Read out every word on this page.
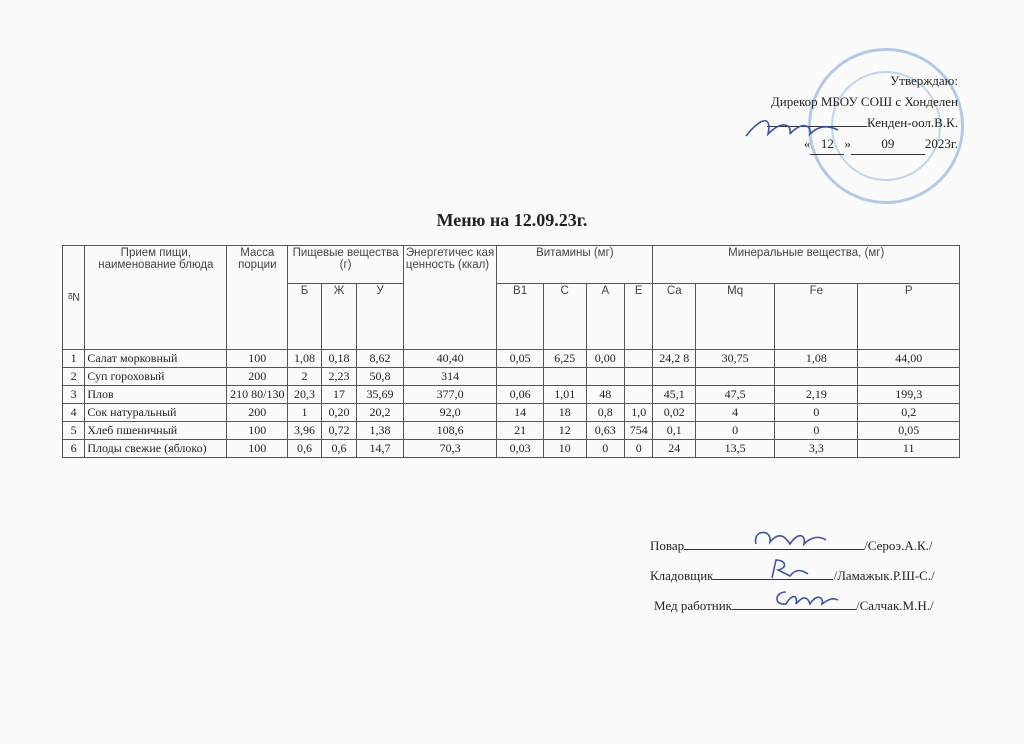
Утверждаю:
Дирекор МБОУ СОШ с Хонделен
Кенден-оол.В.К.
« 12 » 09 2023г.
Меню на 12.09.23г.
№	Прием пищи, наименование блюда	Масса порции	Пищевые вещества (г)			Энергетичес кая ценность (ккал)	Витамины (мг)				Минеральные вещества, (мг)			
			Б	Ж	У		В1	С	А	Е	Са	Мq	Fe	Р
1	Салат морковный	100	1,08	0,18	8,62	40,40	0,05	6,25	0,00		24,2 8	30,75	1,08	44,00
2	Суп гороховый	200	2	2,23	50,8	314								
3	Плов	210 80/130	20,3	17	35,69	377,0	0,06	1,01	48		45,1	47,5	2,19	199,3
4	Сок натуральный	200	1	0,20	20,2	92,0	14	18	0,8	1,0	0,02	4	0	0,2
5	Хлеб пшеничный	100	3,96	0,72	1,38	108,6	21	12	0,63	754	0,1	0	0	0,05
6	Плоды свежие (яблоко)	100	0,6	0,6	14,7	70,3	0,03	10	0	0	24	13,5	3,3	11
Повар	/Сероэ.А.К./
Кладовщик	/Ламажык.Р.Ш-С./
Мед работник	/Салчак.М.Н./
